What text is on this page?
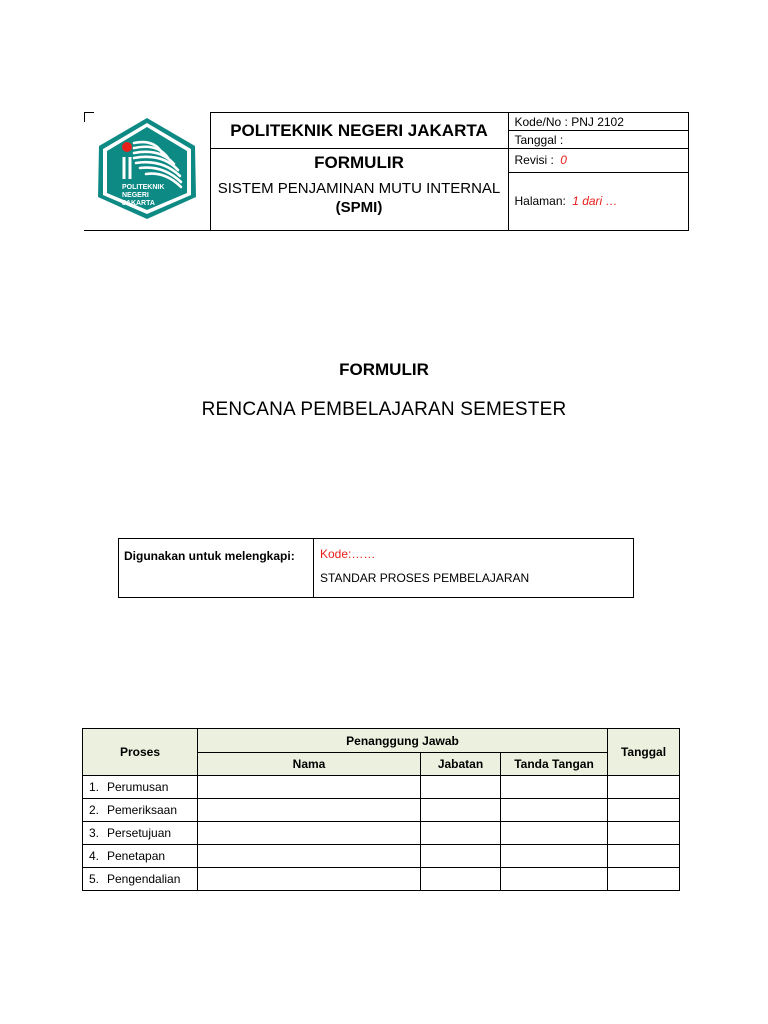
POLITEKNIK
NEGERI
JAKARTA	POLITEKNIK NEGERI JAKARTA	Kode/No : PNJ 2102
		Tanggal :

	FORMULIR
SISTEM PENJAMINAN MUTU INTERNAL
(SPMI)	Revisi : 0
		Halaman: 1 dari …
FORMULIR
RENCANA PEMBELAJARAN SEMESTER
Digunakan untuk melengkapi:	Kode:……
STANDAR PROSES PEMBELAJARAN
Proses	Penanggung Jawab			Tanggal
	Nama	Jabatan	Tanda Tangan	
1. Perumusan				
2. Pemeriksaan				
3. Persetujuan				
4. Penetapan				
5. Pengendalian				
